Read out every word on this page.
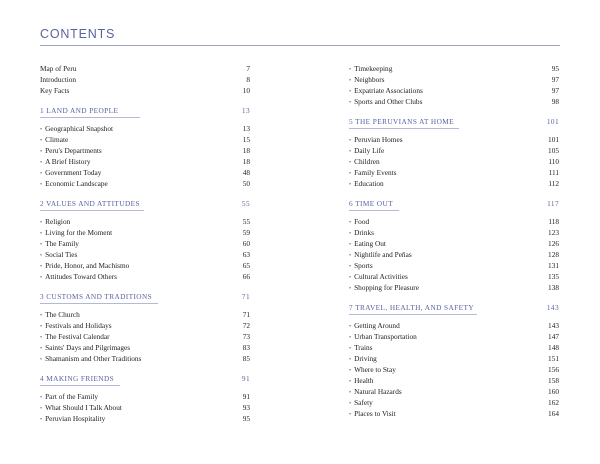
CONTENTS
Map of Peru	7
Introduction	8
Key Facts	10
1 LAND AND PEOPLE	13
• Geographical Snapshot	13
• Climate	15
• Peru's Departments	18
• A Brief History	18
• Government Today	48
• Economic Landscape	50
2 VALUES AND ATTITUDES	55
• Religion	55
• Living for the Moment	59
• The Family	60
• Social Ties	63
• Pride, Honor, and Machismo	65
• Attitudes Toward Others	66
3 CUSTOMS AND TRADITIONS	71
• The Church	71
• Festivals and Holidays	72
• The Festival Calendar	73
• Saints' Days and Pilgrimages	83
• Shamanism and Other Traditions	85
4 MAKING FRIENDS	91
• Part of the Family	91
• What Should I Talk About	93
• Peruvian Hospitality	95
• Timekeeping	95
• Neighbors	97
• Expatriate Associations	97
• Sports and Other Clubs	98
5 THE PERUVIANS AT HOME	101
• Peruvian Homes	101
• Daily Life	105
• Children	110
• Family Events	111
• Education	112
6 TIME OUT	117
• Food	118
• Drinks	123
• Eating Out	126
• Nightlife and Peñas	128
• Sports	131
• Cultural Activities	135
• Shopping for Pleasure	138
7 TRAVEL, HEALTH, AND SAFETY	143
• Getting Around	143
• Urban Transportation	147
• Trains	148
• Driving	151
• Where to Stay	156
• Health	158
• Natural Hazards	160
• Safety	162
• Places to Visit	164
